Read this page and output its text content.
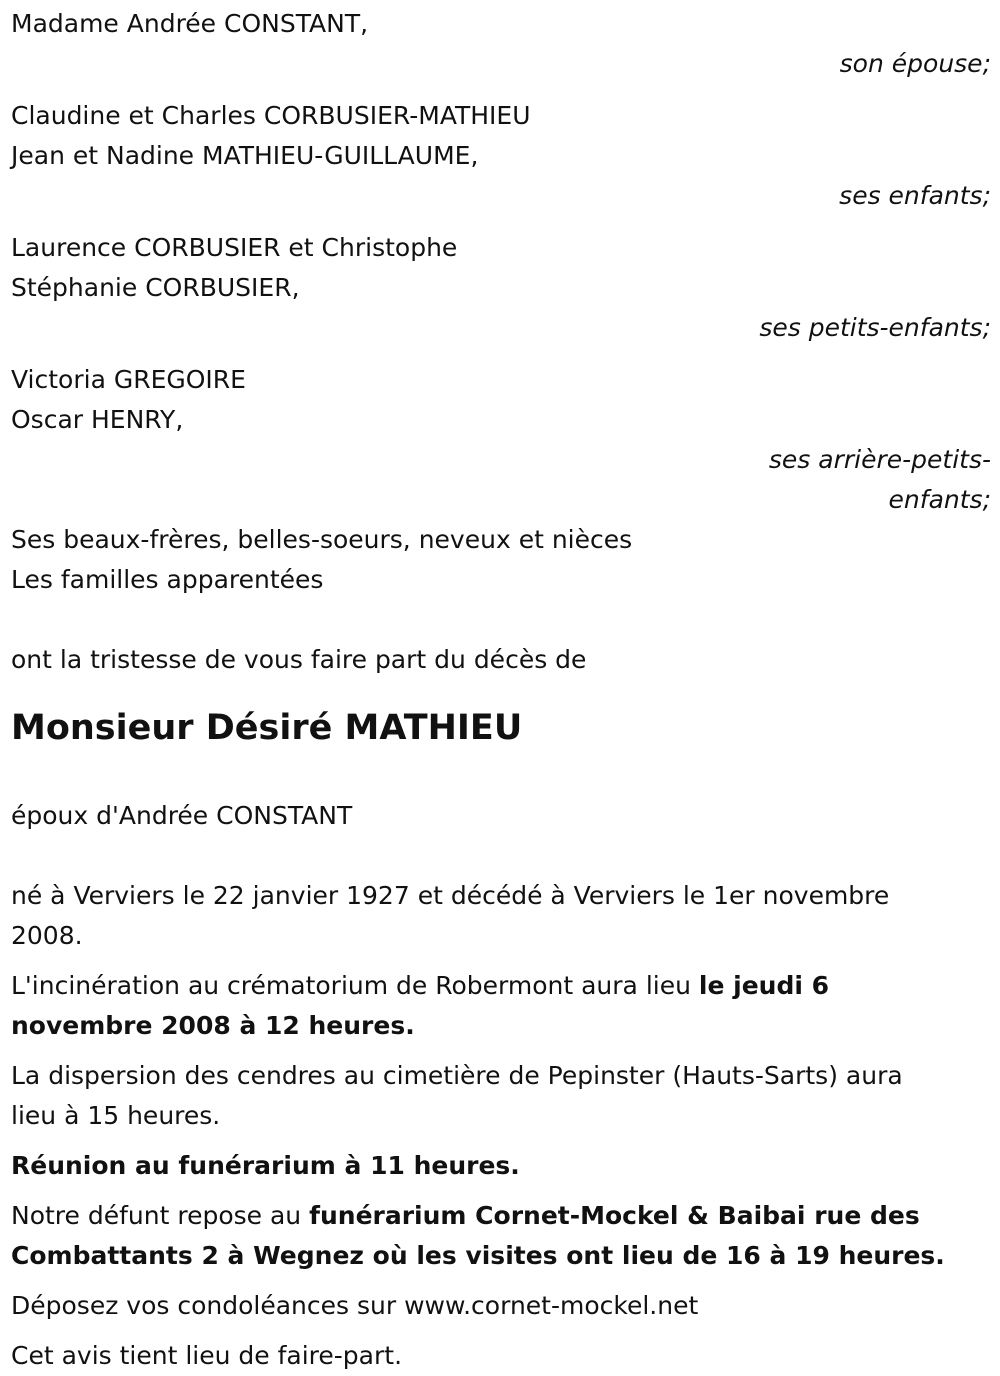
Madame Andrée CONSTANT,
son épouse;
Claudine et Charles CORBUSIER-MATHIEU
Jean et Nadine MATHIEU-GUILLAUME,
ses enfants;
Laurence CORBUSIER et Christophe
Stéphanie CORBUSIER,
ses petits-enfants;
Victoria GREGOIRE
Oscar HENRY,
ses arrière-petits-
enfants;
Ses beaux-frères, belles-soeurs, neveux et nièces
Les familles apparentées
ont la tristesse de vous faire part du décès de
Monsieur Désiré MATHIEU
époux d'Andrée CONSTANT
né à Verviers le 22 janvier 1927 et décédé à Verviers le 1er novembre
2008.
L'incinération au crématorium de Robermont aura lieu le jeudi 6
novembre 2008 à 12 heures.
La dispersion des cendres au cimetière de Pepinster (Hauts-Sarts) aura
lieu à 15 heures.
Réunion au funérarium à 11 heures.
Notre défunt repose au funérarium Cornet-Mockel & Baibai rue des
Combattants 2 à Wegnez où les visites ont lieu de 16 à 19 heures.
Déposez vos condoléances sur www.cornet-mockel.net
Cet avis tient lieu de faire-part.
